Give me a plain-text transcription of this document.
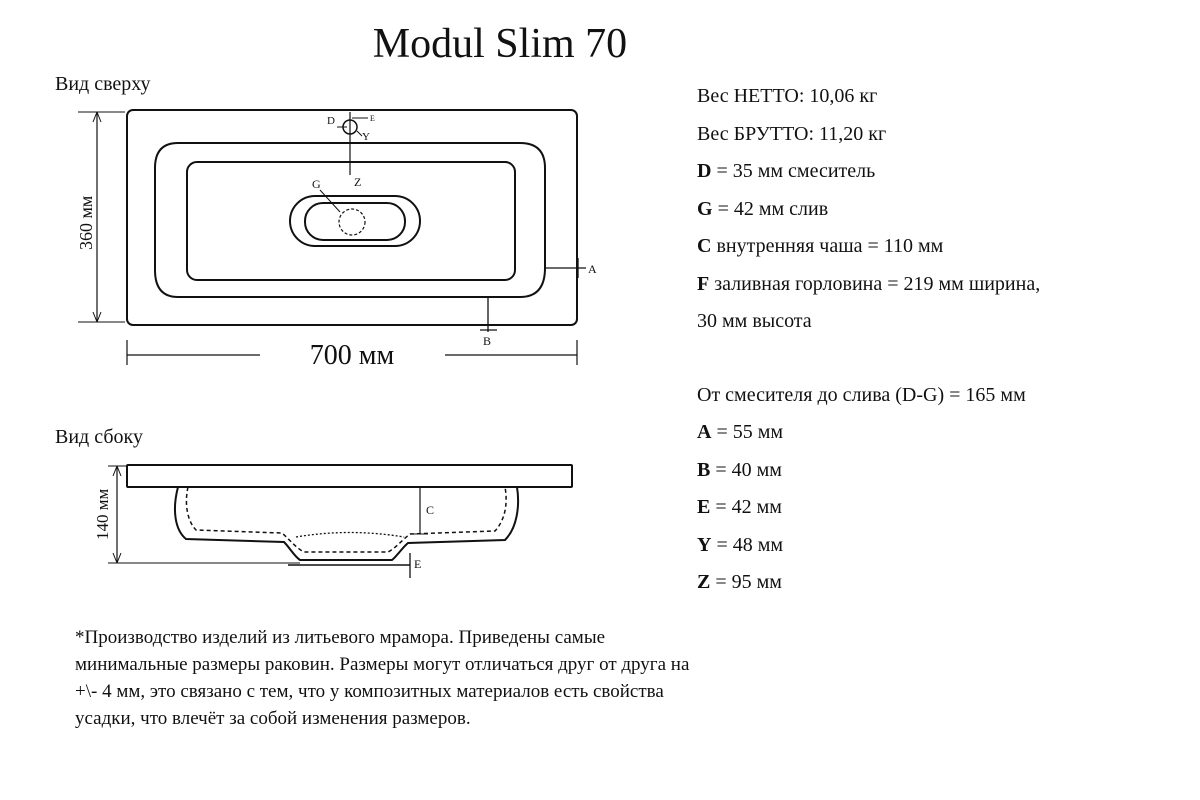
Modul Slim 70
Вид сверху
Вид сбоку
D	E
Y
G	Z
A
B
360 мм
700 мм
C
E
140 мм
Вес НЕТТО: 10,06 кг
Вес БРУТТО: 11,20 кг
D = 35 мм смеситель
G = 42 мм слив
C внутренняя чаша = 110 мм
F заливная горловина = 219 мм ширина,
30 мм высота
От смесителя до слива (D-G) = 165 мм
A = 55 мм
B = 40 мм
E = 42 мм
Y = 48 мм
Z = 95 мм
*Производство изделий из литьевого мрамора. Приведены самые минимальные размеры раковин. Размеры могут отличаться друг от друга на +\- 4 мм, это связано с тем, что у композитных материалов есть свойства усадки, что влечёт за собой изменения размеров.
